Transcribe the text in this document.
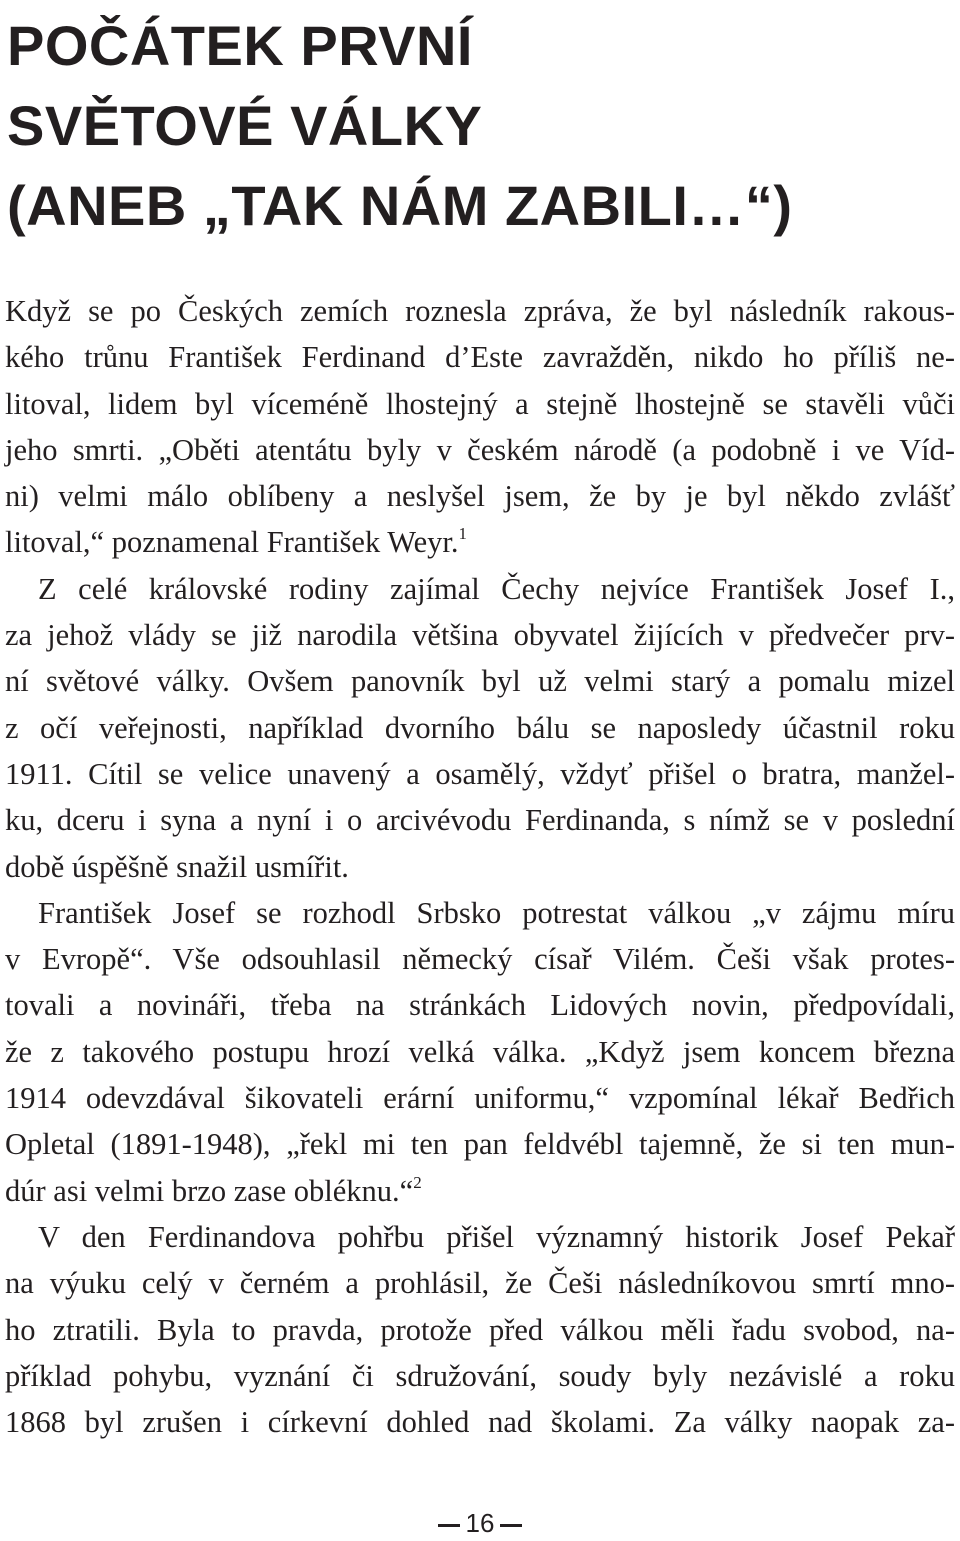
POČÁTEK PRVNÍ
SVĚTOVÉ VÁLKY
(ANEB „TAK NÁM ZABILI…“)
Když se po Českých zemích roznesla zpráva, že byl následník rakous-
kého trůnu František Ferdinand d’Este zavražděn, nikdo ho příliš ne-
litoval, lidem byl víceméně lhostejný a stejně lhostejně se stavěli vůči
jeho smrti. „Oběti atentátu byly v českém národě (a podobně i ve Víd-
ni) velmi málo oblíbeny a neslyšel jsem, že by je byl někdo zvlášť
litoval,“ poznamenal František Weyr.$^1$
Z celé královské rodiny zajímal Čechy nejvíce František Josef I.,
za jehož vlády se již narodila většina obyvatel žijících v předvečer prv-
ní světové války. Ovšem panovník byl už velmi starý a pomalu mizel
z očí veřejnosti, například dvorního bálu se naposledy účastnil roku
1911. Cítil se velice unavený a osamělý, vždyť přišel o bratra, manžel-
ku, dceru i syna a nyní i o arcivévodu Ferdinanda, s nímž se v poslední
době úspěšně snažil usmířit.
František Josef se rozhodl Srbsko potrestat válkou „v zájmu míru
v Evropě“. Vše odsouhlasil německý císař Vilém. Češi však protes-
tovali a novináři, třeba na stránkách Lidových novin, předpovídali,
že z takového postupu hrozí velká válka. „Když jsem koncem března
1914 odevzdával šikovateli erární uniformu,“ vzpomínal lékař Bedřich
Opletal (1891-1948), „řekl mi ten pan feldvébl tajemně, že si ten mun-
dúr asi velmi brzo zase obléknu.“$^2$
V den Ferdinandova pohřbu přišel významný historik Josef Pekař
na výuku celý v černém a prohlásil, že Češi následníkovou smrtí mno-
ho ztratili. Byla to pravda, protože před válkou měli řadu svobod, na-
příklad pohybu, vyznání či sdružování, soudy byly nezávislé a roku
1868 byl zrušen i církevní dohled nad školami. Za války naopak za-
16
